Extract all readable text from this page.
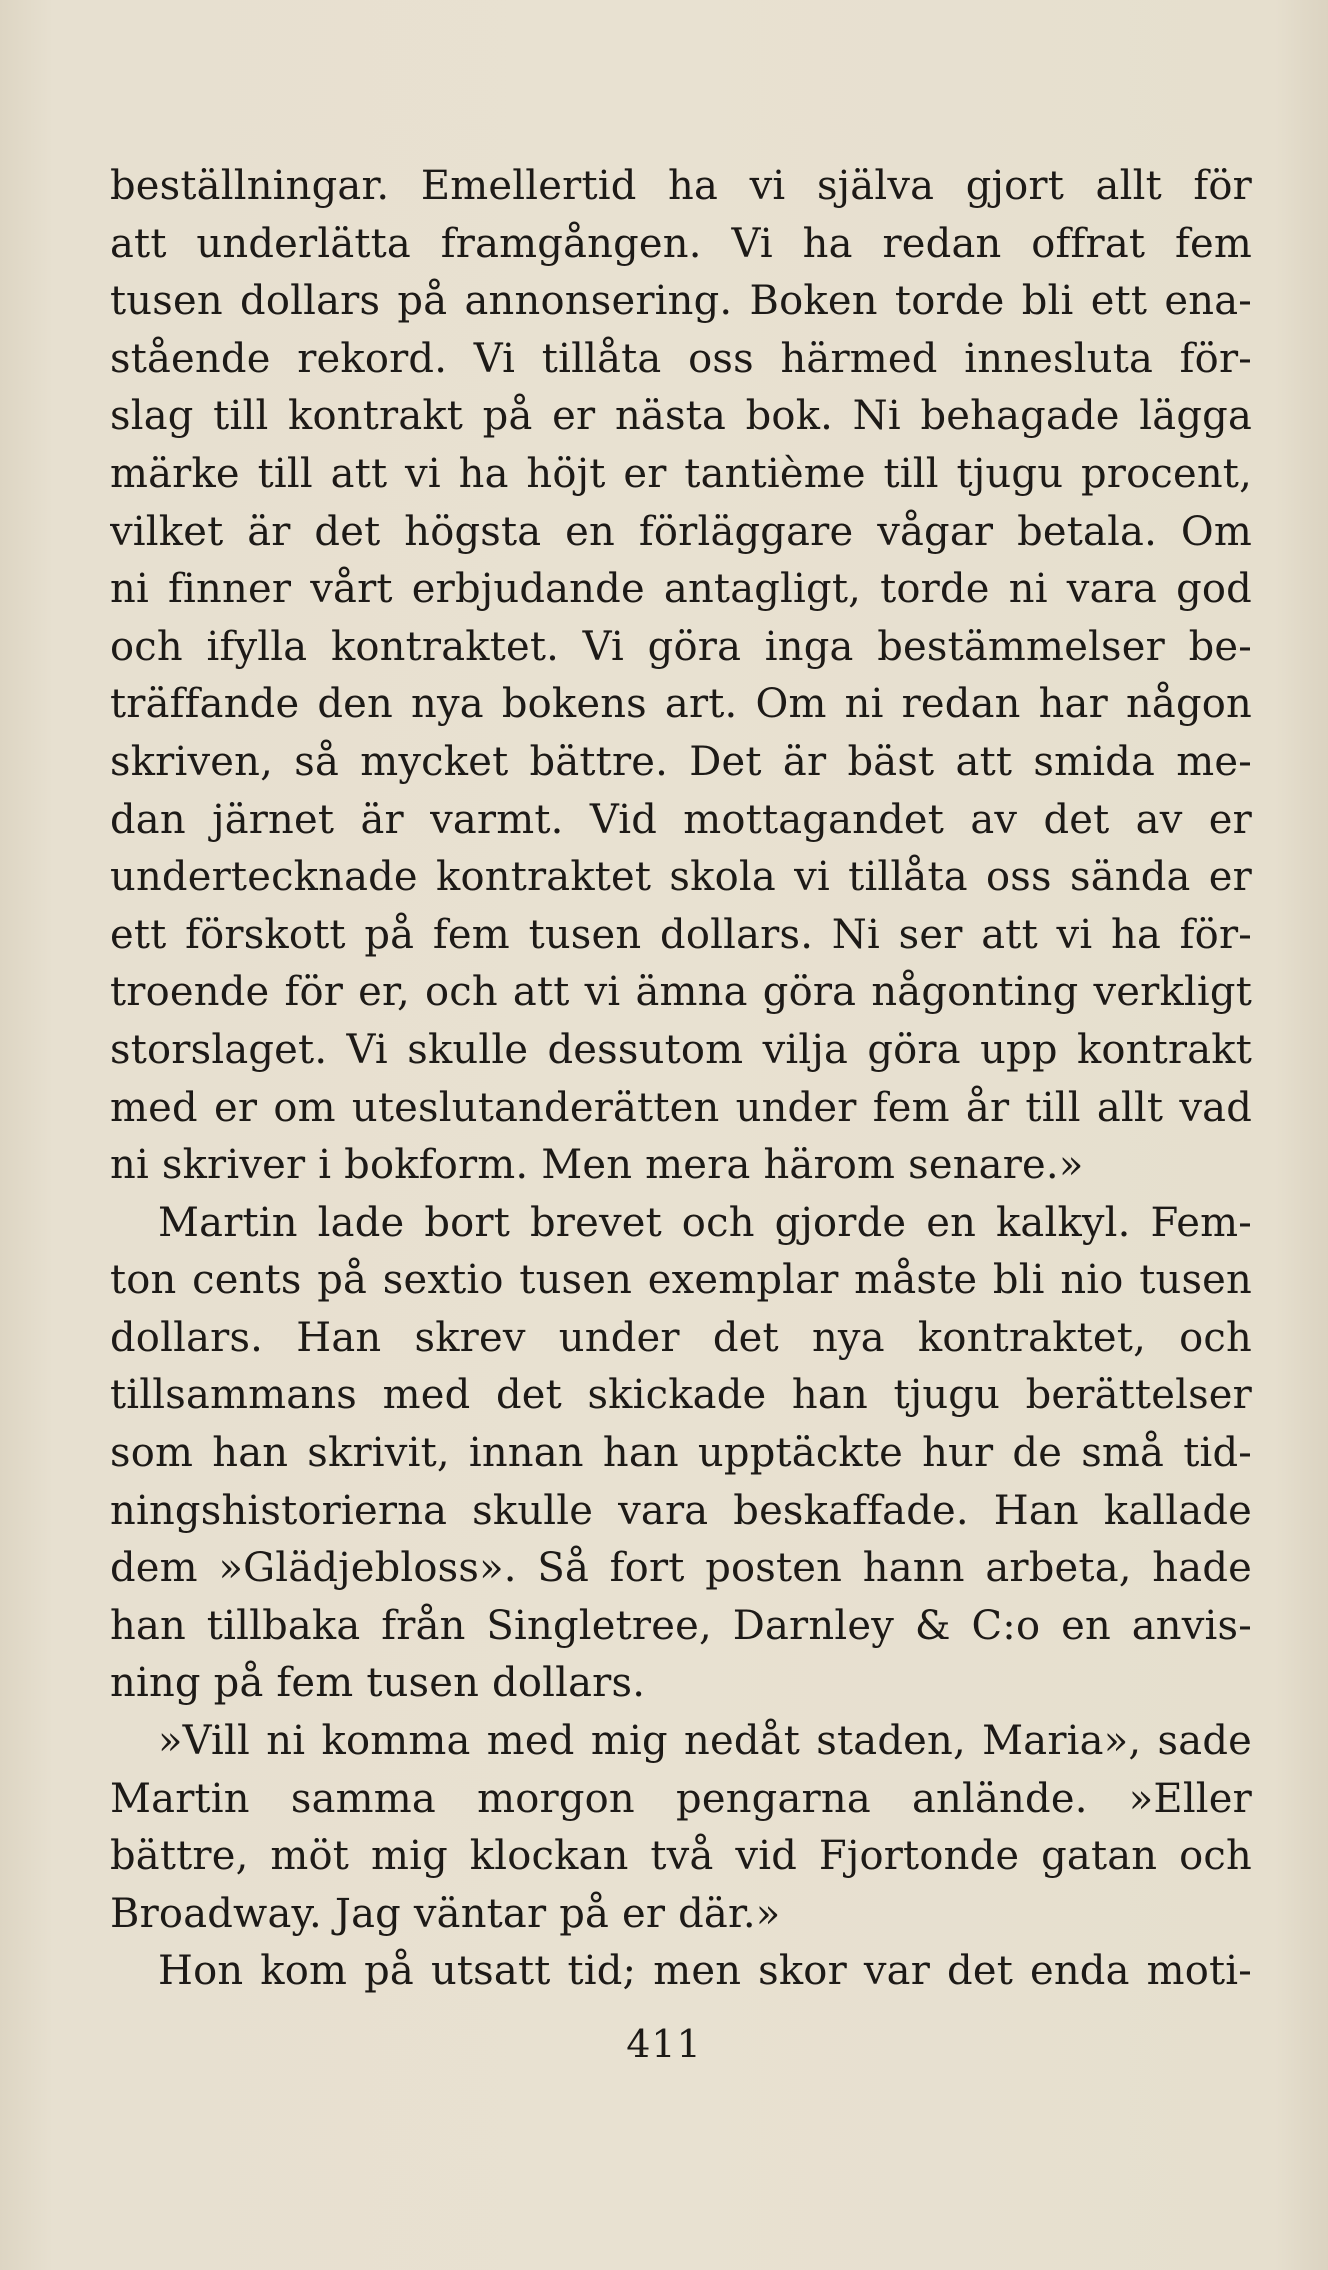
beställningar. Emellertid ha vi själva gjort allt för
att underlätta framgången. Vi ha redan offrat fem
tusen dollars på annonsering. Boken torde bli ett ena-
stående rekord. Vi tillåta oss härmed innesluta för-
slag till kontrakt på er nästa bok. Ni behagade lägga
märke till att vi ha höjt er tantième till tjugu procent,
vilket är det högsta en förläggare vågar betala. Om
ni finner vårt erbjudande antagligt, torde ni vara god
och ifylla kontraktet. Vi göra inga bestämmelser be-
träffande den nya bokens art. Om ni redan har någon
skriven, så mycket bättre. Det är bäst att smida me-
dan järnet är varmt. Vid mottagandet av det av er
undertecknade kontraktet skola vi tillåta oss sända er
ett förskott på fem tusen dollars. Ni ser att vi ha för-
troende för er, och att vi ämna göra någonting verkligt
storslaget. Vi skulle dessutom vilja göra upp kontrakt
med er om uteslutanderätten under fem år till allt vad
ni skriver i bokform. Men mera härom senare.»
Martin lade bort brevet och gjorde en kalkyl. Fem-
ton cents på sextio tusen exemplar måste bli nio tusen
dollars. Han skrev under det nya kontraktet, och
tillsammans med det skickade han tjugu berättelser
som han skrivit, innan han upptäckte hur de små tid-
ningshistorierna skulle vara beskaffade. Han kallade
dem »Glädjebloss». Så fort posten hann arbeta, hade
han tillbaka från Singletree, Darnley & C:o en anvis-
ning på fem tusen dollars.
»Vill ni komma med mig nedåt staden, Maria», sade
Martin samma morgon pengarna anlände. »Eller
bättre, möt mig klockan två vid Fjortonde gatan och
Broadway. Jag väntar på er där.»
Hon kom på utsatt tid; men skor var det enda moti-
411
